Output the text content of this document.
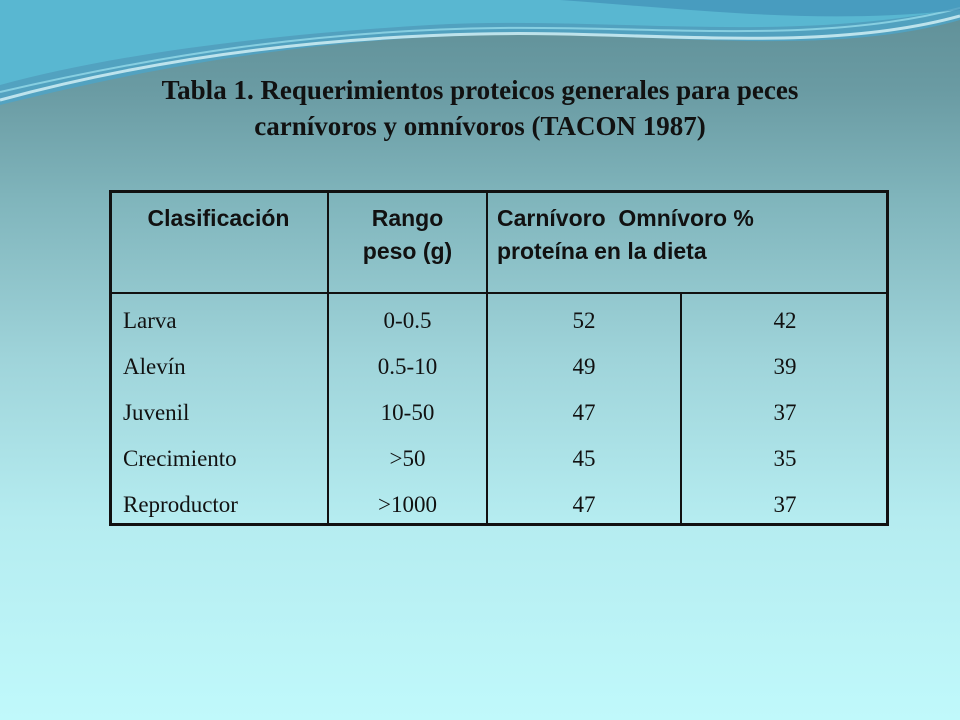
Tabla 1. Requerimientos proteicos generales para peces
carnívoros y omnívoros (TACON 1987)
Clasificación	Rango
peso (g)
Carnívoro  Omnívoro %
proteína en la dieta
Larva
Alevín
Juvenil
Crecimiento
Reproductor
0-0.5
0.5-10
10-50
>50
>1000
52
49
47
45
47
42
39
37
35
37
